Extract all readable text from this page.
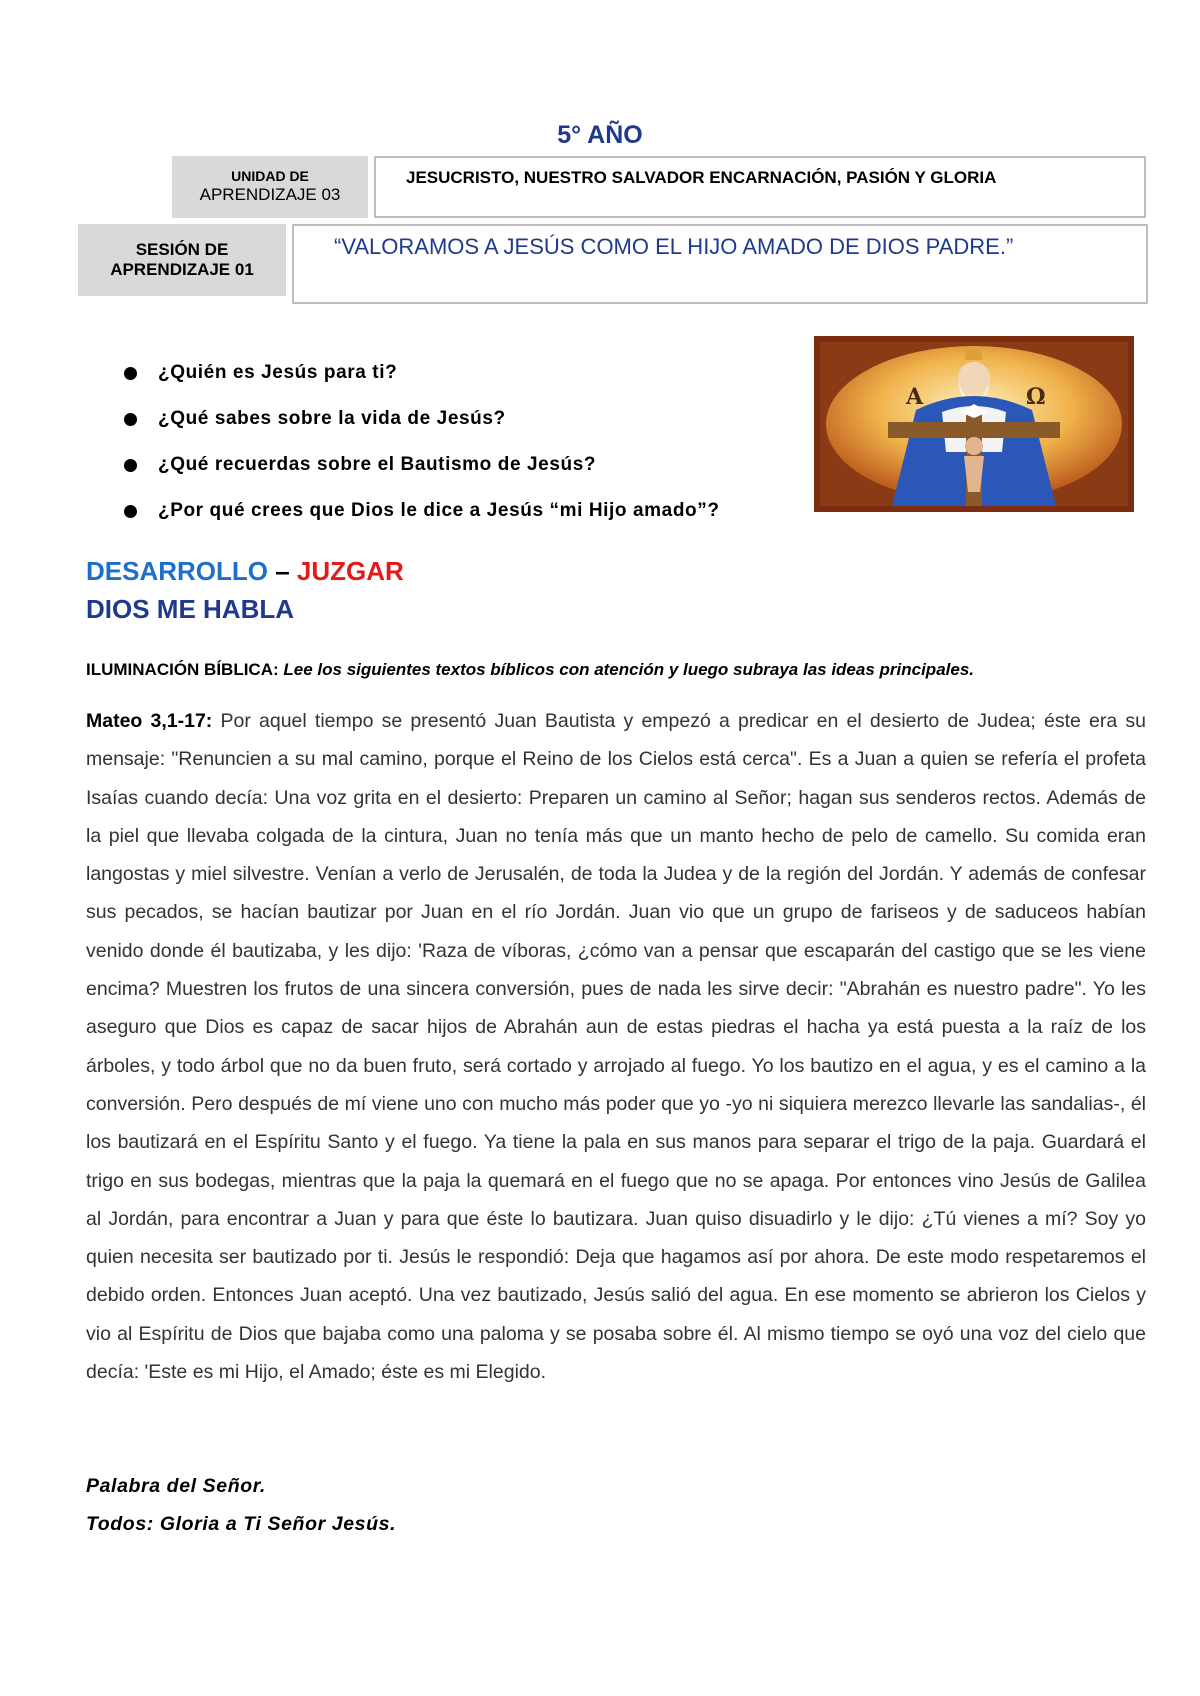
5° AÑO
UNIDAD DE
APRENDIZAJE 03
JESUCRISTO, NUESTRO SALVADOR ENCARNACIÓN, PASIÓN Y GLORIA
SESIÓN DE
APRENDIZAJE 01
“VALORAMOS A JESÚS COMO EL HIJO AMADO DE DIOS PADRE.”
¿Quién es Jesús para ti?
¿Qué sabes sobre la vida de Jesús?
¿Qué recuerdas sobre el Bautismo de Jesús?
¿Por qué crees que Dios le dice a Jesús “mi Hijo amado”?
Α	Ω
DESARROLLO – JUZGAR
DIOS ME HABLA
ILUMINACIÓN BÍBLICA: Lee los siguientes textos bíblicos con atención y luego subraya las ideas principales.

Mateo 3,1-17: Por aquel tiempo se presentó Juan Bautista y empezó a predicar en el desierto de Judea; éste era su mensaje: "Renuncien a su mal camino, porque el Reino de los Cielos está cerca". Es a Juan a quien se refería el profeta Isaías cuando decía: Una voz grita en el desierto: Preparen un camino al Señor; hagan sus senderos rectos. Además de la piel que llevaba colgada de la cintura, Juan no tenía más que un manto hecho de pelo de camello. Su comida eran langostas y miel silvestre. Venían a verlo de Jerusalén, de toda la Judea y de la región del Jordán. Y además de confesar sus pecados, se hacían bautizar por Juan en el río Jordán. Juan vio que un grupo de fariseos y de saduceos habían venido donde él bautizaba, y les dijo: 'Raza de víboras, ¿cómo van a pensar que escaparán del castigo que se les viene encima? Muestren los frutos de una sincera conversión, pues de nada les sirve decir: "Abrahán es nuestro padre". Yo les aseguro que Dios es capaz de sacar hijos de Abrahán aun de estas piedras el hacha ya está puesta a la raíz de los árboles, y todo árbol que no da buen fruto, será cortado y arrojado al fuego. Yo los bautizo en el agua, y es el camino a la conversión. Pero después de mí viene uno con mucho más poder que yo -yo ni siquiera merezco llevarle las sandalias-, él los bautizará en el Espíritu Santo y el fuego. Ya tiene la pala en sus manos para separar el trigo de la paja. Guardará el trigo en sus bodegas, mientras que la paja la quemará en el fuego que no se apaga. Por entonces vino Jesús de Galilea al Jordán, para encontrar a Juan y para que éste lo bautizara. Juan quiso disuadirlo y le dijo: ¿Tú vienes a mí? Soy yo quien necesita ser bautizado por ti. Jesús le respondió: Deja que hagamos así por ahora. De este modo respetaremos el debido orden. Entonces Juan aceptó. Una vez bautizado, Jesús salió del agua. En ese momento se abrieron los Cielos y vio al Espíritu de Dios que bajaba como una paloma y se posaba sobre él. Al mismo tiempo se oyó una voz del cielo que decía: 'Este es mi Hijo, el Amado; éste es mi Elegido.

Palabra del Señor.
Todos: Gloria a Ti Señor Jesús.
